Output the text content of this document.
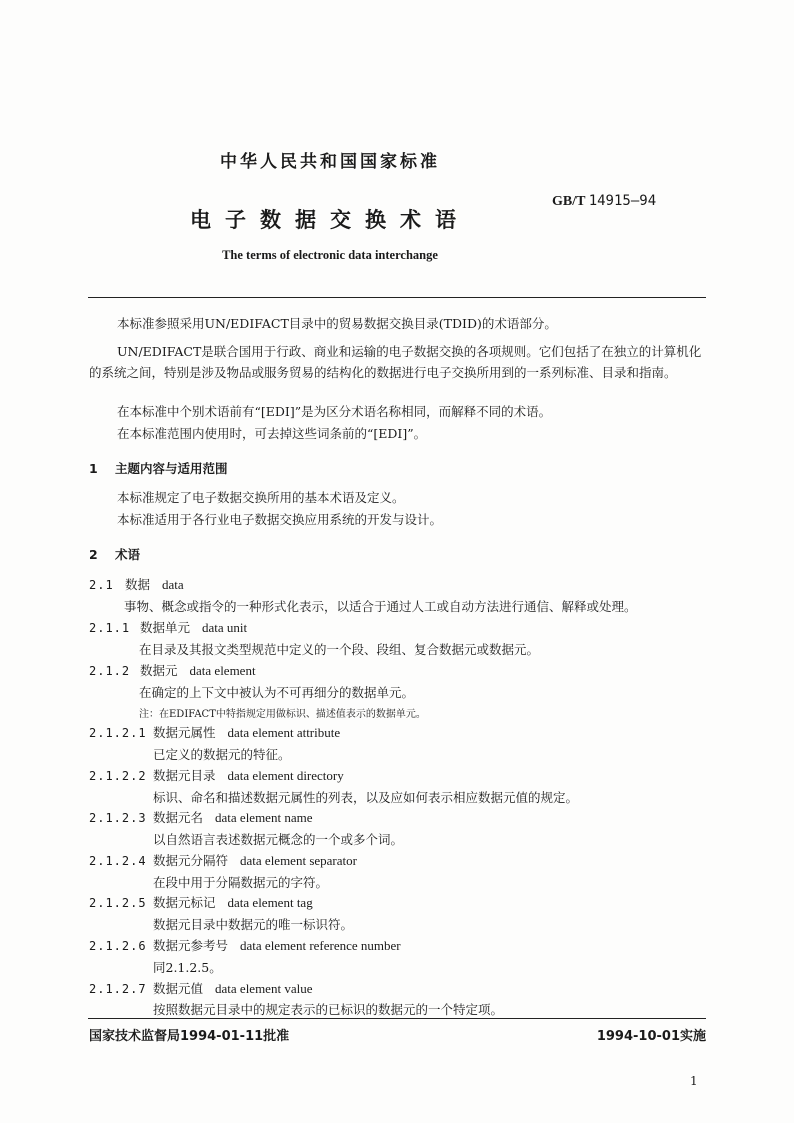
中华人民共和国国家标准
GB/T 14915—94
电子数据交换术语
The terms of electronic data interchange
本标准参照采用UN/EDIFACT目录中的贸易数据交换目录(TDID)的术语部分。
UN/EDIFACT是联合国用于行政、商业和运输的电子数据交换的各项规则。它们包括了在独立的计算机化的系统之间，特别是涉及物品或服务贸易的结构化的数据进行电子交换所用到的一系列标准、目录和指南。
在本标准中个别术语前有“[EDI]”是为区分术语名称相同，而解释不同的术语。
在本标准范围内使用时，可去掉这些词条前的“[EDI]”。
1 主题内容与适用范围
本标准规定了电子数据交换所用的基本术语及定义。
本标准适用于各行业电子数据交换应用系统的开发与设计。
2 术语
2.1 数据 data
事物、概念或指令的一种形式化表示，以适合于通过人工或自动方法进行通信、解释或处理。
2.1.1 数据单元 data unit
在目录及其报文类型规范中定义的一个段、段组、复合数据元或数据元。
2.1.2 数据元 data element
在确定的上下文中被认为不可再细分的数据单元。
注：在EDIFACT中特指规定用做标识、描述值表示的数据单元。
2.1.2.1 数据元属性 data element attribute
已定义的数据元的特征。
2.1.2.2 数据元目录 data element directory
标识、命名和描述数据元属性的列表，以及应如何表示相应数据元值的规定。
2.1.2.3 数据元名 data element name
以自然语言表述数据元概念的一个或多个词。
2.1.2.4 数据元分隔符 data element separator
在段中用于分隔数据元的字符。
2.1.2.5 数据元标记 data element tag
数据元目录中数据元的唯一标识符。
2.1.2.6 数据元参考号 data element reference number
同2.1.2.5。
2.1.2.7 数据元值 data element value
按照数据元目录中的规定表示的已标识的数据元的一个特定项。
国家技术监督局1994-01-11批准	1994-10-01实施
1
